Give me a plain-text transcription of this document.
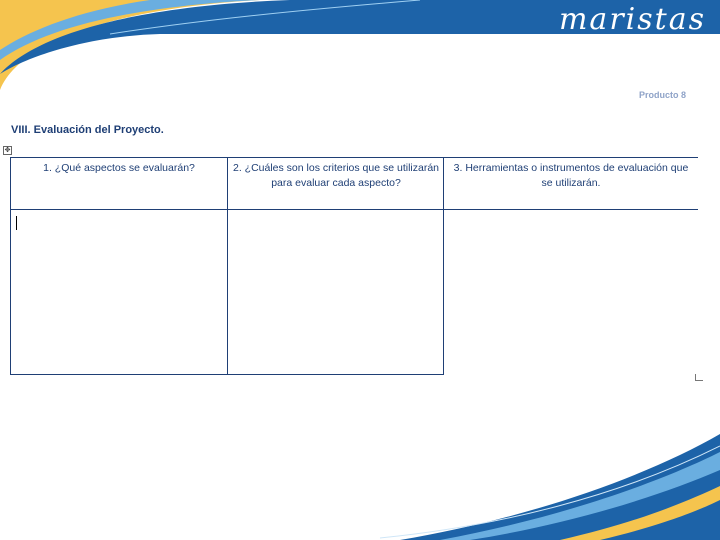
maristas
Producto 8
VIII. Evaluación del Proyecto.
✥
1. ¿Qué aspectos se evaluarán?	2. ¿Cuáles son los criterios que se utilizarán para evaluar cada aspecto?
3. Herramientas o instrumentos de evaluación que se utilizarán.
